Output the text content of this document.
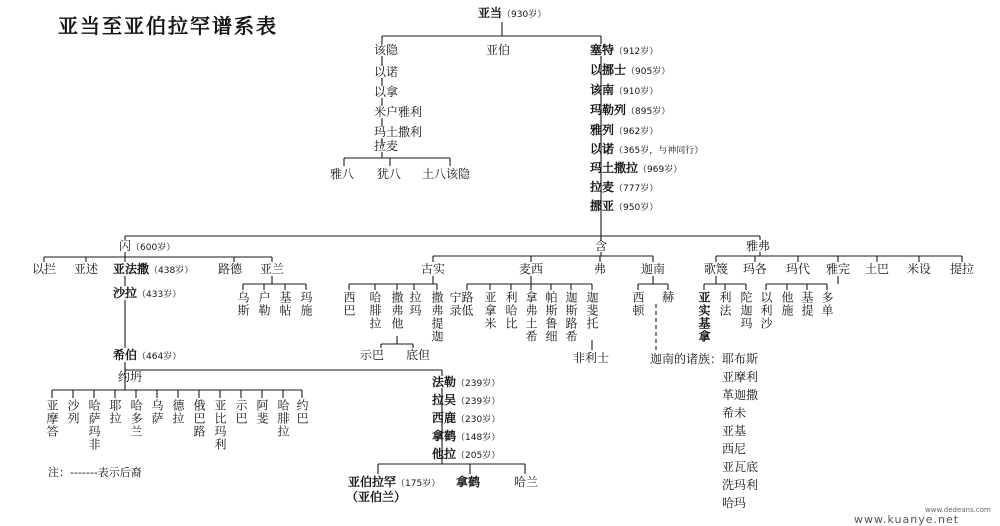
亚当至亚伯拉罕谱系表
亚当（930岁）
该隐
以诺
以拿
米户雅利
玛土撒利
拉麦
雅八 犹八 土八该隐
亚伯	塞特（912岁）
以挪士（905岁）
该南（910岁）
玛勒列（895岁）
雅列（962岁）
以诺（365岁，与神同行）
玛土撒拉（969岁）
拉麦（777岁）
挪亚（950岁）
闪（600岁）	含	雅弗
以拦 亚述 亚法撒（438岁） 路德 亚兰
乌斯 户勒 基帖 玛施
沙拉（433岁）
希伯（464岁）
约坍
亚摩答 沙列 哈萨玛非 耶拉 哈多兰 乌萨 德拉 俄巴路 亚比玛利 示巴 阿斐 哈腓拉 约巴
注：-------表示后裔
法勒（239岁）
拉吴（239岁）
西鹿（230岁）
拿鹤（148岁）
他拉（205岁）
亚伯拉罕（175岁）
（亚伯兰）
拿鹤	哈兰
古实	麦西	弗	迦南
西巴 哈腓拉 撒弗他 拉玛 撒弗提迦 宁录
示巴 底但
路低 亚拿米 利哈比 拿弗土希 帕斯鲁细 迦斯路希 迦斐托
非利士
西顿 赫
迦南的诸族： 耶布斯
亚摩利
革迦撒
希未
亚基
西尼
亚瓦底
洗玛利
哈玛
歌篾 玛各 玛代 雅完 土巴 米设 提拉
亚实基拿 利法 陀迦玛 以利沙 他施 基提 多单
www.dedeans.com
www.kuanye.net
